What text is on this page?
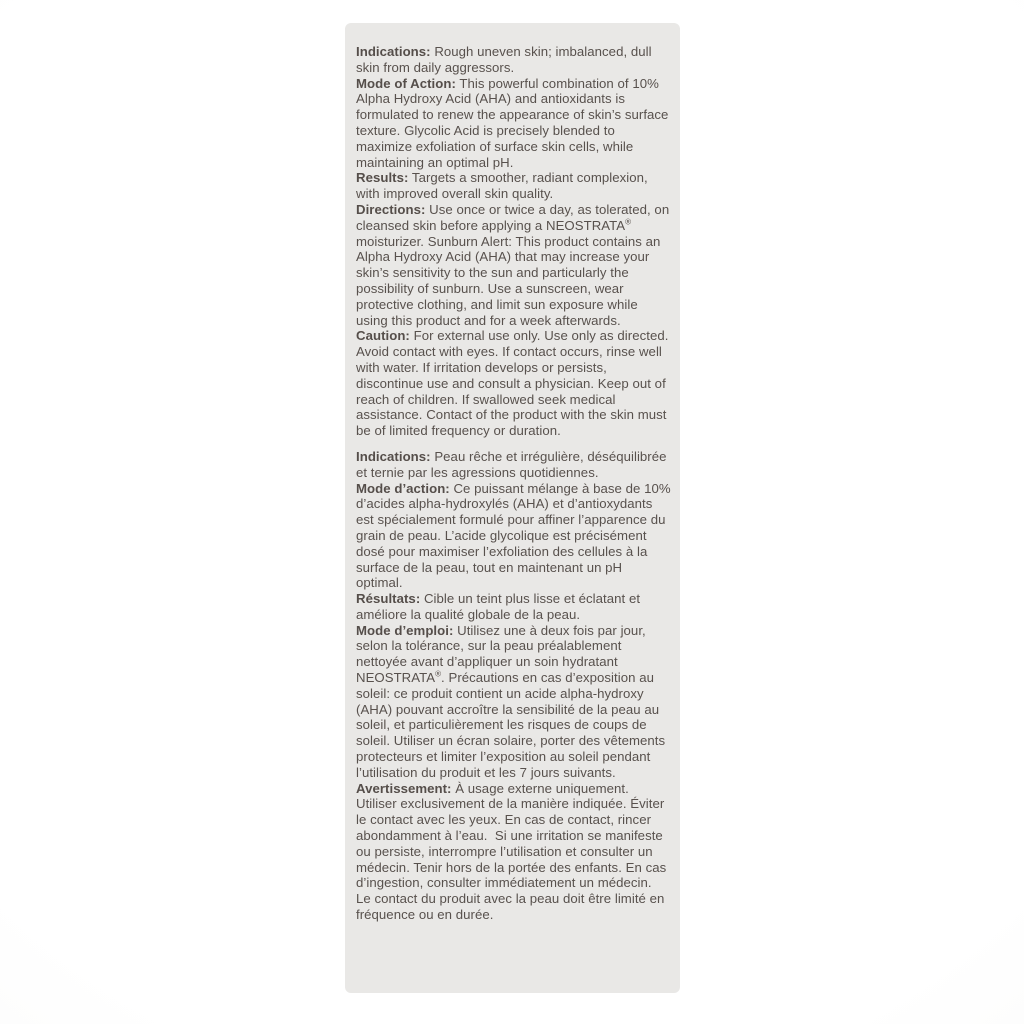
Indications: Rough uneven skin; imbalanced, dull skin from daily aggressors.

Mode of Action: This powerful combination of 10% Alpha Hydroxy Acid (AHA) and antioxidants is formulated to renew the appearance of skin’s surface texture. Glycolic Acid is precisely blended to maximize exfoliation of surface skin cells, while maintaining an optimal pH.

Results: Targets a smoother, radiant complexion, with improved overall skin quality.

Directions: Use once or twice a day, as tolerated, on cleansed skin before applying a NEOSTRATA® moisturizer. Sunburn Alert: This product contains an Alpha Hydroxy Acid (AHA) that may increase your skin’s sensitivity to the sun and particularly the possibility of sunburn. Use a sunscreen, wear protective clothing, and limit sun exposure while using this product and for a week afterwards.

Caution: For external use only. Use only as directed. Avoid contact with eyes. If contact occurs, rinse well with water. If irritation develops or persists, discontinue use and consult a physician. Keep out of reach of children. If swallowed seek medical assistance. Contact of the product with the skin must be of limited frequency or duration.

Indications: Peau rêche et irrégulière, déséquilibrée et ternie par les agressions quotidiennes.

Mode d’action: Ce puissant mélange à base de 10% d’acides alpha-hydroxylés (AHA) et d’antioxydants est spécialement formulé pour affiner l’apparence du grain de peau. L’acide glycolique est précisément dosé pour maximiser l’exfoliation des cellules à la surface de la peau, tout en maintenant un pH optimal.

Résultats: Cible un teint plus lisse et éclatant et améliore la qualité globale de la peau.

Mode d’emploi: Utilisez une à deux fois par jour, selon la tolérance, sur la peau préalablement nettoyée avant d’appliquer un soin hydratant NEOSTRATA®. Précautions en cas d’exposition au soleil: ce produit contient un acide alpha-hydroxy (AHA) pouvant accroître la sensibilité de la peau au soleil, et particulièrement les risques de coups de soleil. Utiliser un écran solaire, porter des vêtements protecteurs et limiter l’exposition au soleil pendant l’utilisation du produit et les 7 jours suivants.

Avertissement: À usage externe uniquement. Utiliser exclusivement de la manière indiquée. Éviter le contact avec les yeux. En cas de contact, rincer abondamment à l’eau.  Si une irritation se manifeste ou persiste, interrompre l’utilisation et consulter un médecin. Tenir hors de la portée des enfants. En cas d’ingestion, consulter immédiatement un médecin.  Le contact du produit avec la peau doit être limité en fréquence ou en durée.
